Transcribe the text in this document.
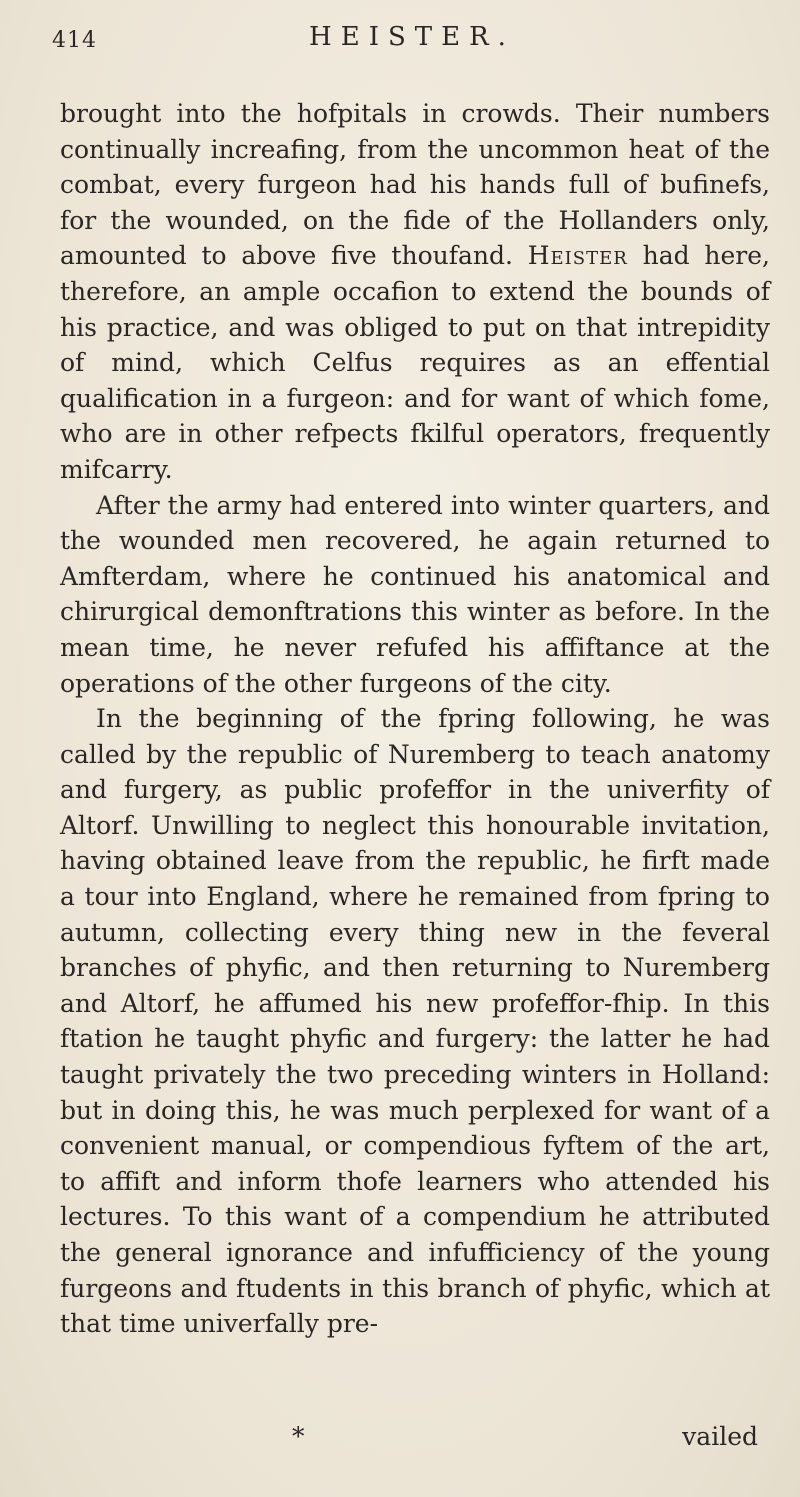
414	HEISTER.

brought into the hofpitals in crowds. Their numbers continually increafing, from the uncommon heat of the combat, every furgeon had his hands full of bufinefs, for the wounded, on the fide of the Hollanders only, amounted to above five thoufand. Heister had here, therefore, an ample occafion to extend the bounds of his practice, and was obliged to put on that intrepidity of mind, which Celfus requires as an effential qualification in a furgeon: and for want of which fome, who are in other refpects fkilful operators, frequently mifcarry.

After the army had entered into winter quarters, and the wounded men recovered, he again returned to Amfterdam, where he continued his anatomical and chirurgical demonftrations this winter as before. In the mean time, he never refufed his affiftance at the operations of the other furgeons of the city.

In the beginning of the fpring following, he was called by the republic of Nuremberg to teach anatomy and furgery, as public profeffor in the univerfity of Altorf. Unwilling to neglect this honourable invitation, having obtained leave from the republic, he firft made a tour into England, where he remained from fpring to autumn, collecting every thing new in the feveral branches of phyfic, and then returning to Nuremberg and Altorf, he affumed his new profeffor-fhip. In this ftation he taught phyfic and furgery: the latter he had taught privately the two preceding winters in Holland: but in doing this, he was much perplexed for want of a convenient manual, or compendious fyftem of the art, to affift and inform thofe learners who attended his lectures. To this want of a compendium he attributed the general ignorance and infufficiency of the young furgeons and ftudents in this branch of phyfic, which at that time univerfally pre-

*	vailed
